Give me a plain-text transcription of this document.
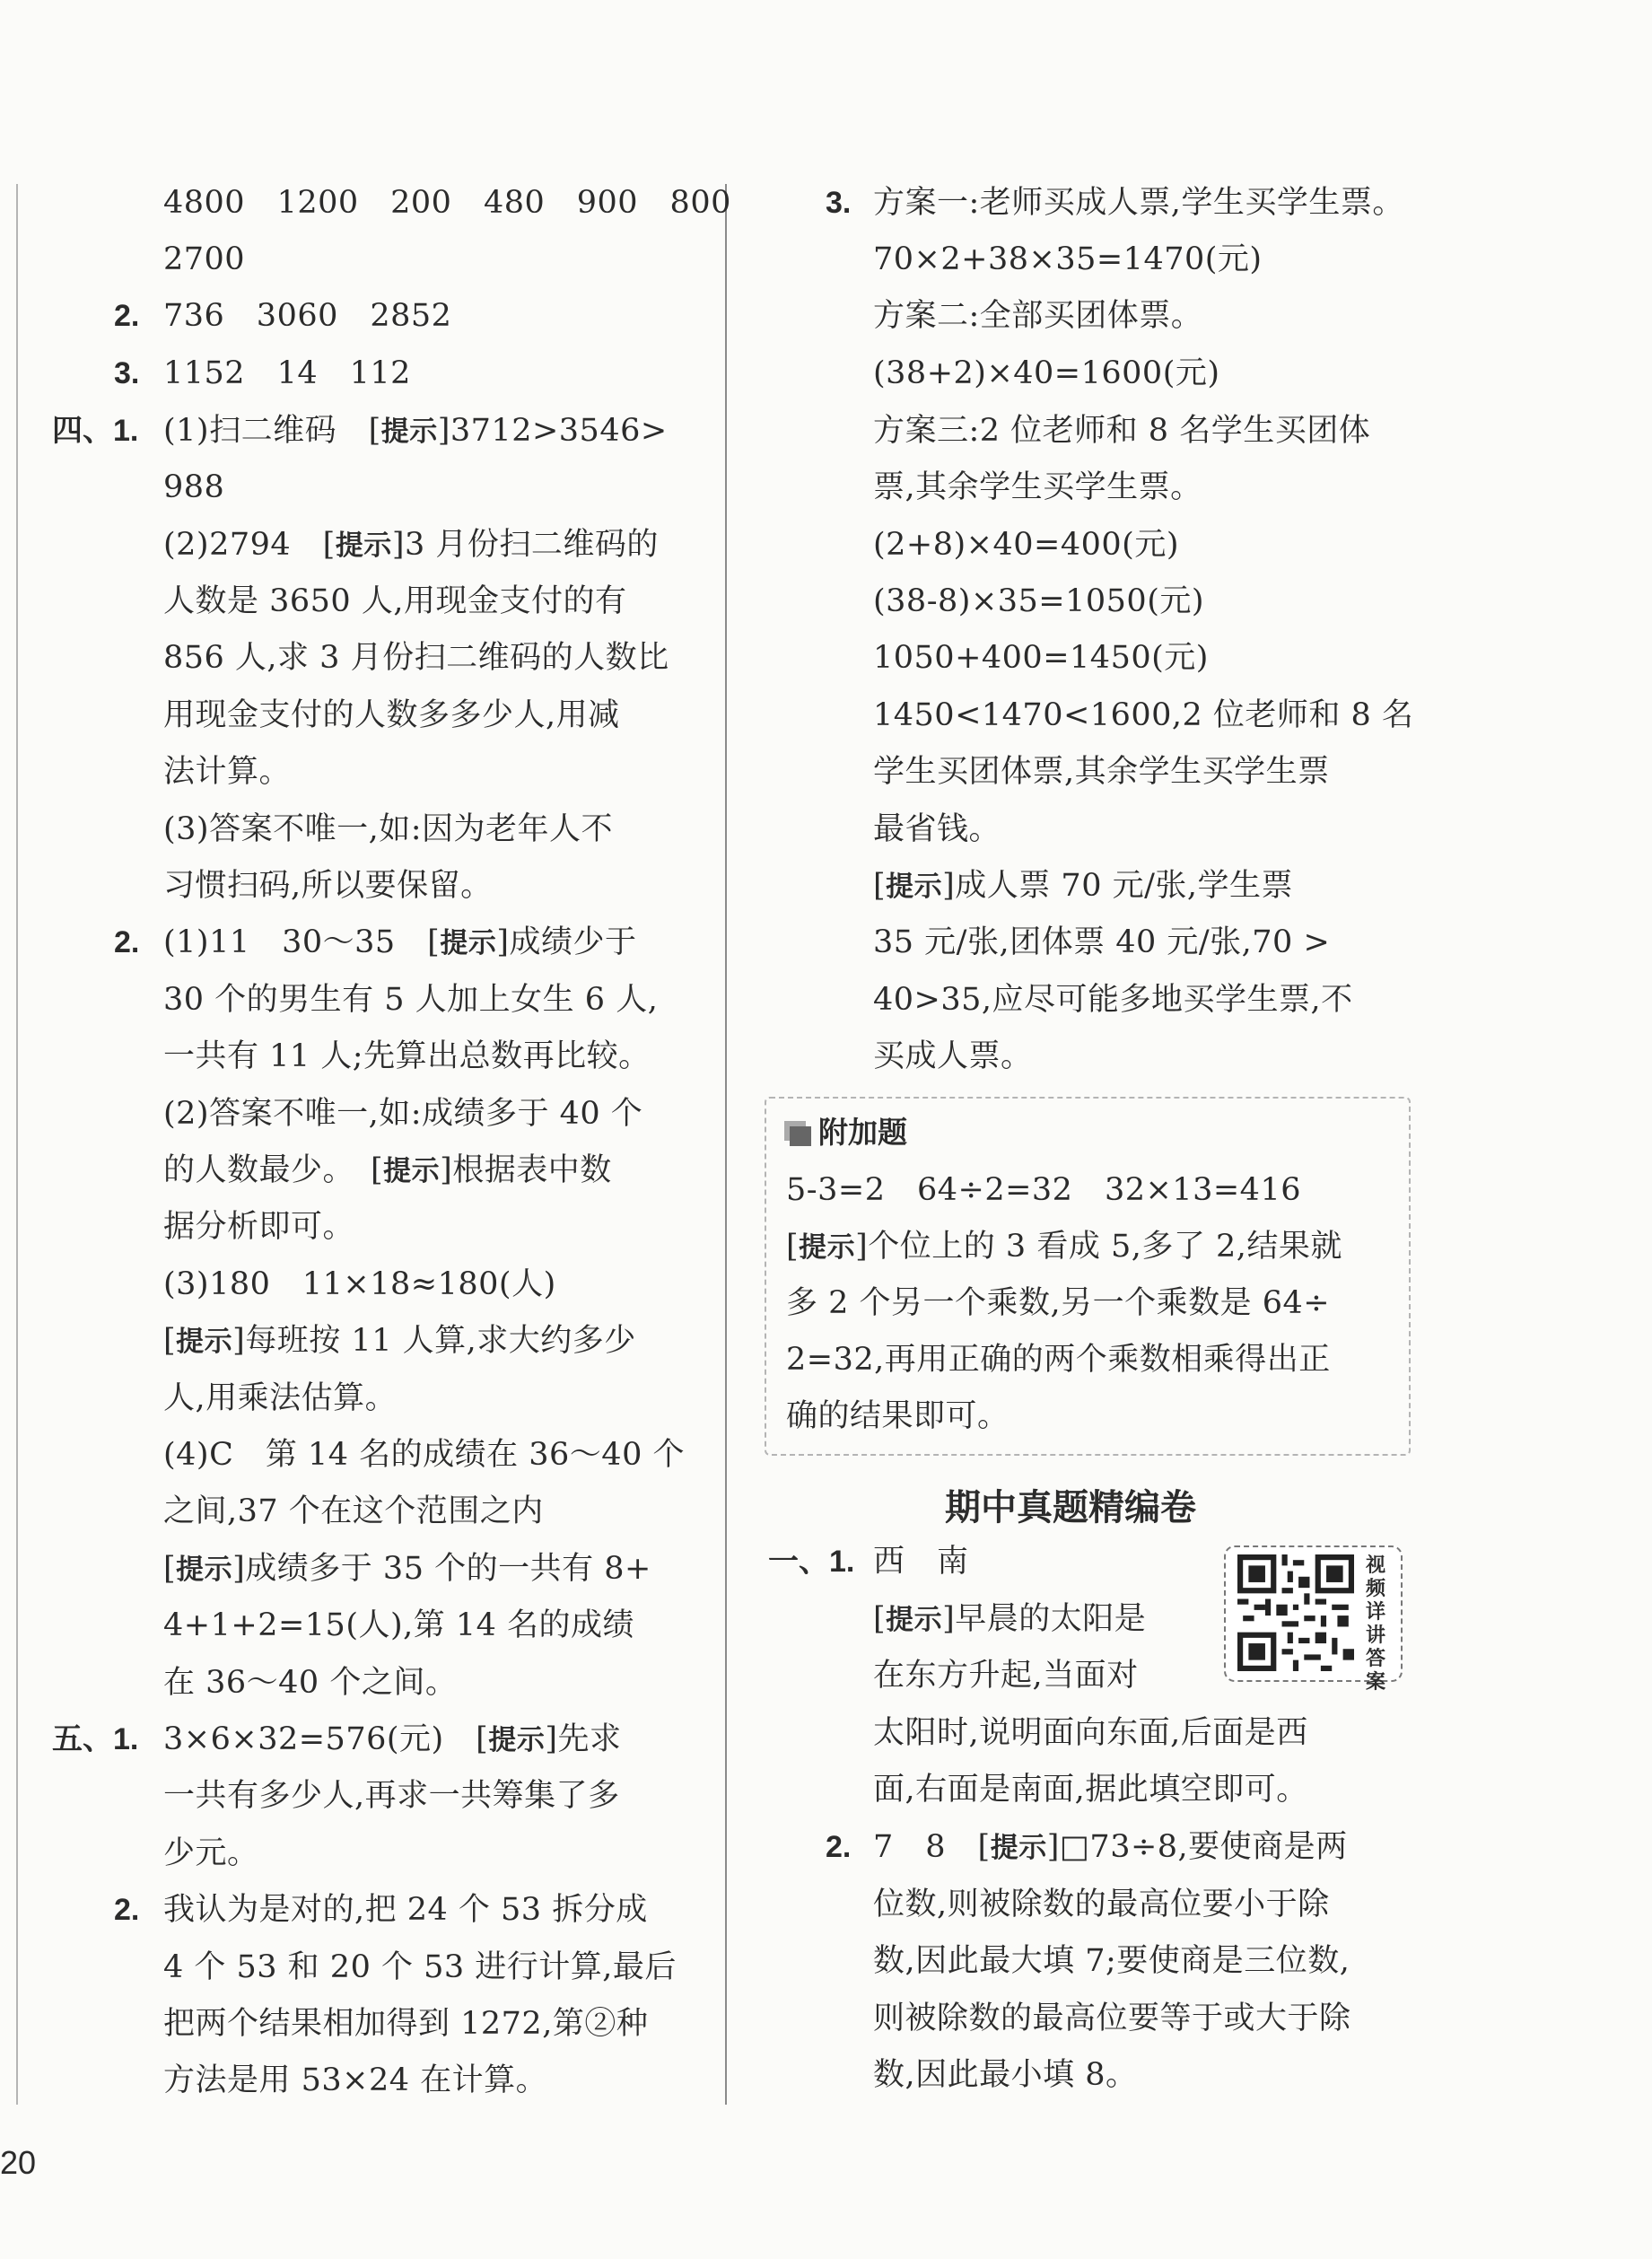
4800　1200　200　480　900　800
2700
2. 736　3060　2852
3. 1152　14　112
四、1. (1)扫二维码　[提示]3712>3546>
988
(2)2794　[提示]3 月份扫二维码的
人数是 3650 人,用现金支付的有
856 人,求 3 月份扫二维码的人数比
用现金支付的人数多多少人,用减
法计算。
(3)答案不唯一,如:因为老年人不
习惯扫码,所以要保留。
2. (1)11　30～35　[提示]成绩少于
30 个的男生有 5 人加上女生 6 人,
一共有 11 人;先算出总数再比较。
(2)答案不唯一,如:成绩多于 40 个
的人数最少。　[提示]根据表中数
据分析即可。
(3)180　11×18≈180(人)
[提示]每班按 11 人算,求大约多少
人,用乘法估算。
(4)C　第 14 名的成绩在 36～40 个
之间,37 个在这个范围之内
[提示]成绩多于 35 个的一共有 8+
4+1+2=15(人),第 14 名的成绩
在 36～40 个之间。
五、1. 3×6×32=576(元)　[提示]先求
一共有多少人,再求一共筹集了多
少元。
2. 我认为是对的,把 24 个 53 拆分成
4 个 53 和 20 个 53 进行计算,最后
把两个结果相加得到 1272,第②种
方法是用 53×24 在计算。
3. 方案一:老师买成人票,学生买学生票。
70×2+38×35=1470(元)
方案二:全部买团体票。
(38+2)×40=1600(元)
方案三:2 位老师和 8 名学生买团体
票,其余学生买学生票。
(2+8)×40=400(元)
(38-8)×35=1050(元)
1050+400=1450(元)
1450<1470<1600,2 位老师和 8 名
学生买团体票,其余学生买学生票
最省钱。
[提示]成人票 70 元/张,学生票
35 元/张,团体票 40 元/张,70 >
40>35,应尽可能多地买学生票,不
买成人票。
附加题
5-3=2　64÷2=32　32×13=416
[提示]个位上的 3 看成 5,多了 2,结果就
多 2 个另一个乘数,另一个乘数是 64÷
2=32,再用正确的两个乘数相乘得出正
确的结果即可。
期中真题精编卷
一、1. 西　南
[提示]早晨的太阳是
在东方升起,当面对
太阳时,说明面向东面,后面是西
面,右面是南面,据此填空即可。
视频详讲答案
2. 7　8　[提示]□73÷8,要使商是两
位数,则被除数的最高位要小于除
数,因此最大填 7;要使商是三位数,
则被除数的最高位要等于或大于除
数,因此最小填 8。
20
